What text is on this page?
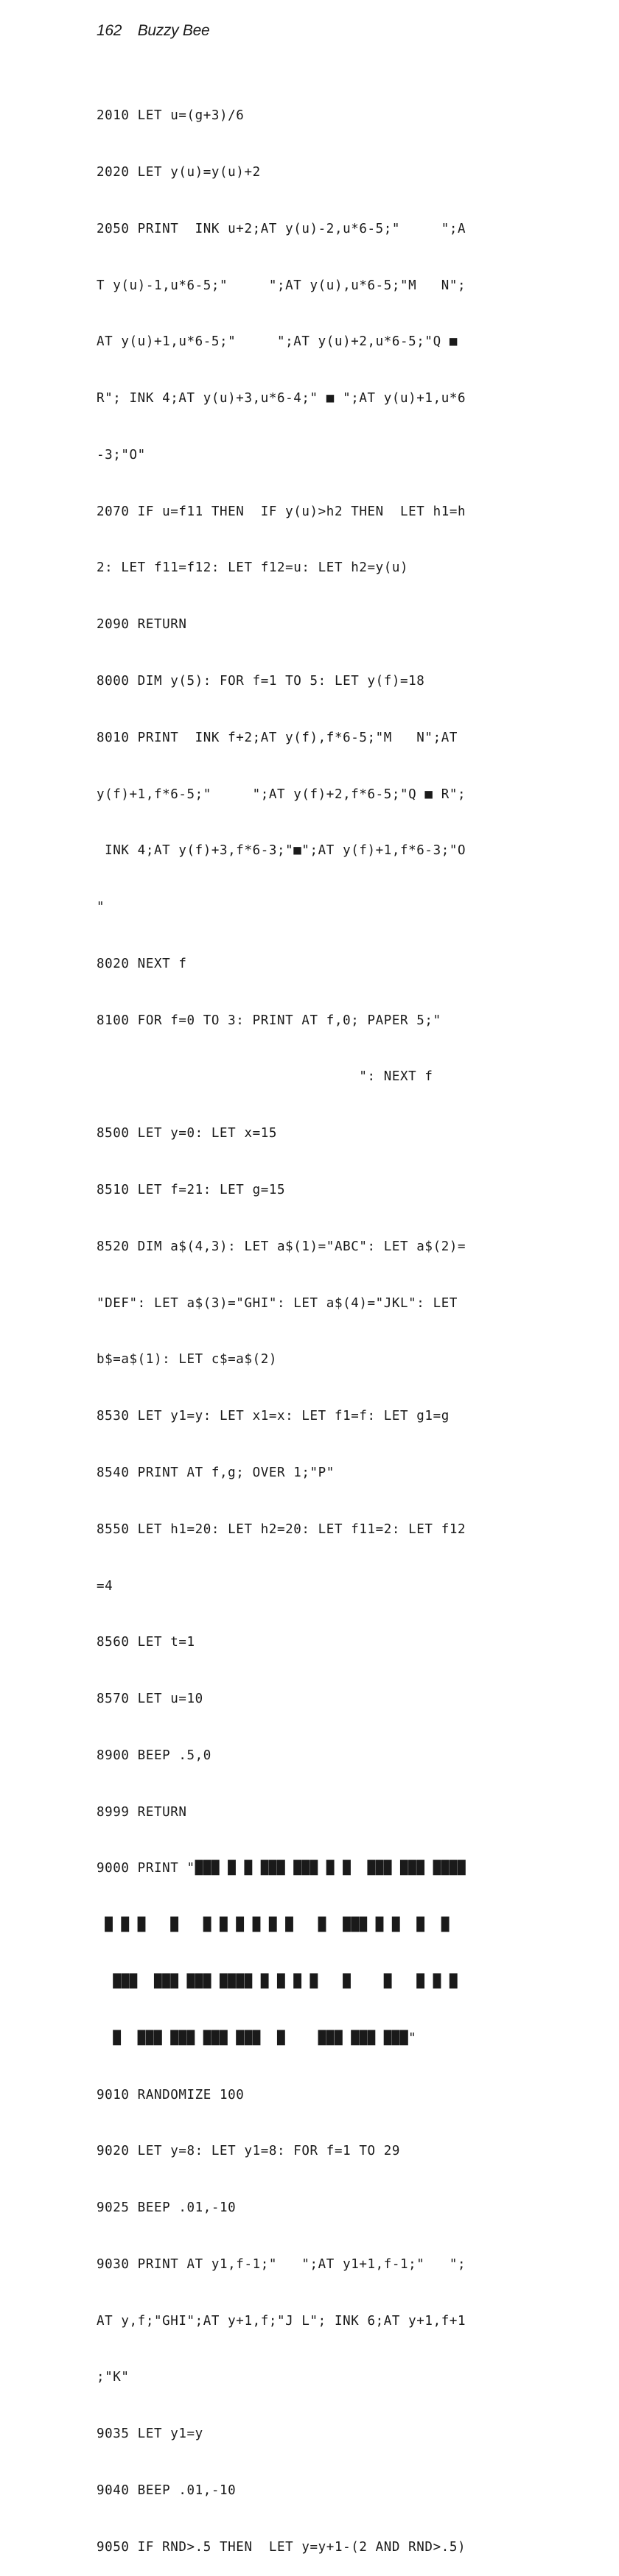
162 Buzzy Bee

2010 LET u=(g+3)/6

2020 LET y(u)=y(u)+2

2050 PRINT  INK u+2;AT y(u)-2,u*6-5;"     ";A

T y(u)-1,u*6-5;"     ";AT y(u),u*6-5;"M   N";

AT y(u)+1,u*6-5;"     ";AT y(u)+2,u*6-5;"Q ■

R"; INK 4;AT y(u)+3,u*6-4;" ■ ";AT y(u)+1,u*6

-3;"O"

2070 IF u=f11 THEN  IF y(u)>h2 THEN  LET h1=h

2: LET f11=f12: LET f12=u: LET h2=y(u)

2090 RETURN

8000 DIM y(5): FOR f=1 TO 5: LET y(f)=18

8010 PRINT  INK f+2;AT y(f),f*6-5;"M   N";AT

y(f)+1,f*6-5;"     ";AT y(f)+2,f*6-5;"Q ■ R";

INK 4;AT y(f)+3,f*6-3;"■";AT y(f)+1,f*6-3;"O

"

8020 NEXT f

8100 FOR f=0 TO 3: PRINT AT f,0; PAPER 5;"

": NEXT f

8500 LET y=0: LET x=15

8510 LET f=21: LET g=15

8520 DIM a$(4,3): LET a$(1)="ABC": LET a$(2)=

"DEF": LET a$(3)="GHI": LET a$(4)="JKL": LET

b$=a$(1): LET c$=a$(2)

8530 LET y1=y: LET x1=x: LET f1=f: LET g1=g

8540 PRINT AT f,g; OVER 1;"P"

8550 LET h1=20: LET h2=20: LET f11=2: LET f12

=4

8560 LET t=1

8570 LET u=10

8900 BEEP .5,0

8999 RETURN

9000 PRINT "███ █ █ ███ ███ █ █  ███ ███ ████

█ █ █   █   █ █ █ █ █ █   █  ███ █ █  █  █

███  ███ ███ ████ █ █ █ █   █    █   █ █ █

█  ███ ███ ███ ███  █    ███ ███ ███"

9010 RANDOMIZE 100

9020 LET y=8: LET y1=8: FOR f=1 TO 29

9025 BEEP .01,-10

9030 PRINT AT y1,f-1;"   ";AT y1+1,f-1;"   ";

AT y,f;"GHI";AT y+1,f;"J L"; INK 6;AT y+1,f+1

;"K"

9035 LET y1=y

9040 BEEP .01,-10

9050 IF RND>.5 THEN  LET y=y+1-(2 AND RND>.5)
